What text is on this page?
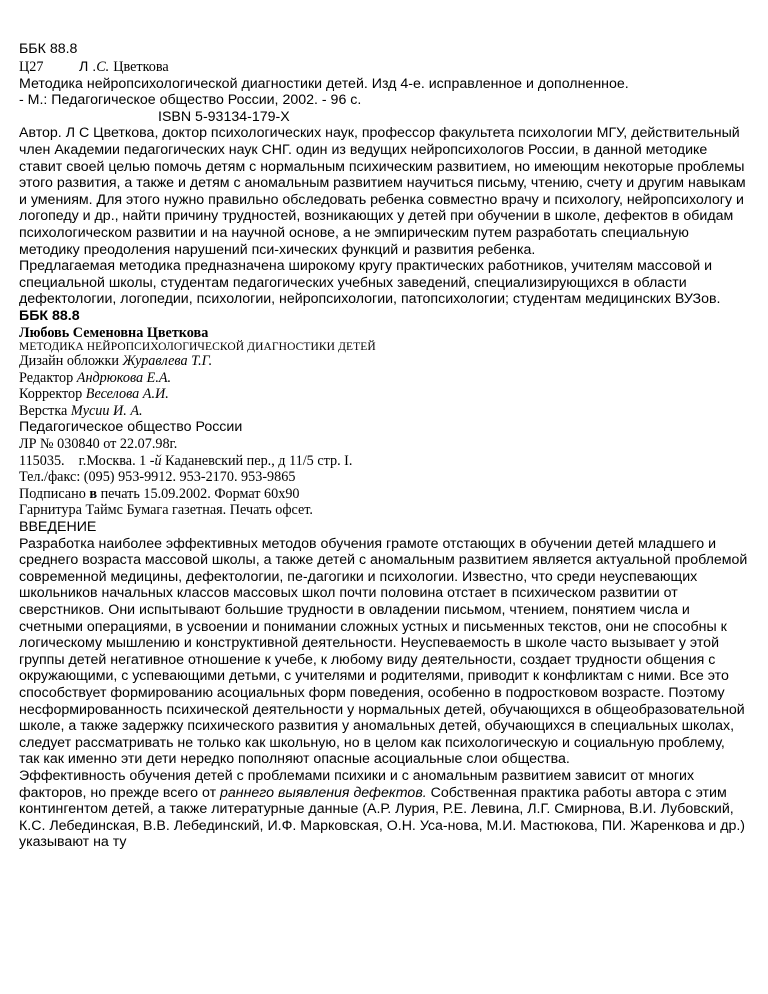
ББК 88.8
Ц27	Л .С. Цветкова
Методика нейропсихологической диагностики детей. Изд 4-е. исправленное и дополненное.
- М.: Педагогическое общество России, 2002. - 96 с.
ISBN 5-93134-179-X
Автор. Л С Цветкова, доктор психологических наук, профессор факультета психологии МГУ, действительный член Академии педагогических наук СНГ. один из ведущих нейропсихологов России, в данной методике ставит своей целью помочь детям с нормальным психическим развитием, но имеющим некоторые проблемы этого развития, а также и детям с аномальным развитием научиться письму, чтению, счету и другим навыкам и умениям. Для этого нужно правильно обследовать ребенка совместно врачу и психологу, нейропсихологу и логопеду и др., найти причину трудностей, возникающих у детей при обучении в школе, дефектов в обидам психологическом развитии и на научной основе, а не эмпирическим путем разработать специальную методику преодоления нарушений пси-хических функций и развития ребенка.
Предлагаемая методика предназначена широкому кругу практических работников, учителям массовой и специальной школы, студентам педагогических учебных заведений, специализирующихся в области дефектологии, логопедии, психологии, нейропсихологии, патопсихологии; студентам медицинских ВУЗов.
ББК 88.8
Любовь Семеновна Цветкова
МЕТОДИКА НЕЙРОПСИХОЛОГИЧЕСКОЙ ДИАГНОСТИКИ ДЕТЕЙ
Дизайн обложки Журавлева Т.Г.
Редактор Андрюкова Е.А.
Корректор Веселова А.И.
Верстка Мусии И. А.
Педагогическое общество России
ЛР № 030840 от 22.07.98г.
115035. г.Москва. 1 -й Каданевский пер., д 11/5 стр. I.
Тел./факс: (095) 953-9912. 953-2170. 953-9865
Подписано в печать 15.09.2002. Формат 60х90
Гарнитура Таймс Бумага газетная. Печать офсет.
ВВЕДЕНИЕ
Разработка наиболее эффективных методов обучения грамоте отстающих в обучении детей младшего и среднего возраста массовой школы, а также детей с аномальным развитием является актуальной проблемой современной медицины, дефектологии, пе-дагогики и психологии. Известно, что среди неуспевающих школьников начальных классов массовых школ почти половина отстает в психическом развитии от сверстников. Они испытывают большие трудности в овладении письмом, чтением, понятием числа и счетными операциями, в усвоении и понимании сложных устных и письменных текстов, они не способны к логическому мышлению и конструктивной деятельности. Неуспеваемость в школе часто вызывает у этой группы детей негативное отношение к учебе, к любому виду деятельности, создает трудности общения с окружающими, с успевающими детьми, с учителями и родителями, приводит к конфликтам с ними. Все это способствует формированию асоциальных форм поведения, особенно в подростковом возрасте. Поэтому несформированность психической деятельности у нормальных детей, обучающихся в общеобразовательной школе, а также задержку психического развития у аномальных детей, обучающихся в специальных школах, следует рассматривать не только как школьную, но в целом как психологическую и социальную проблему, так как именно эти дети нередко пополняют опасные асоциальные слои общества.
Эффективность обучения детей с проблемами психики и с аномальным развитием зависит от многих факторов, но прежде всего от раннего выявления дефектов. Собственная практика работы автора с этим контингентом детей, а также литературные данные (А.Р. Лурия, Р.Е. Левина, Л.Г. Смирнова, В.И. Лубовский, К.С. Лебединская, В.В. Лебединский, И.Ф. Марковская, О.Н. Уса-нова, М.И. Мастюкова, ПИ. Жаренкова и др.) указывают на ту
